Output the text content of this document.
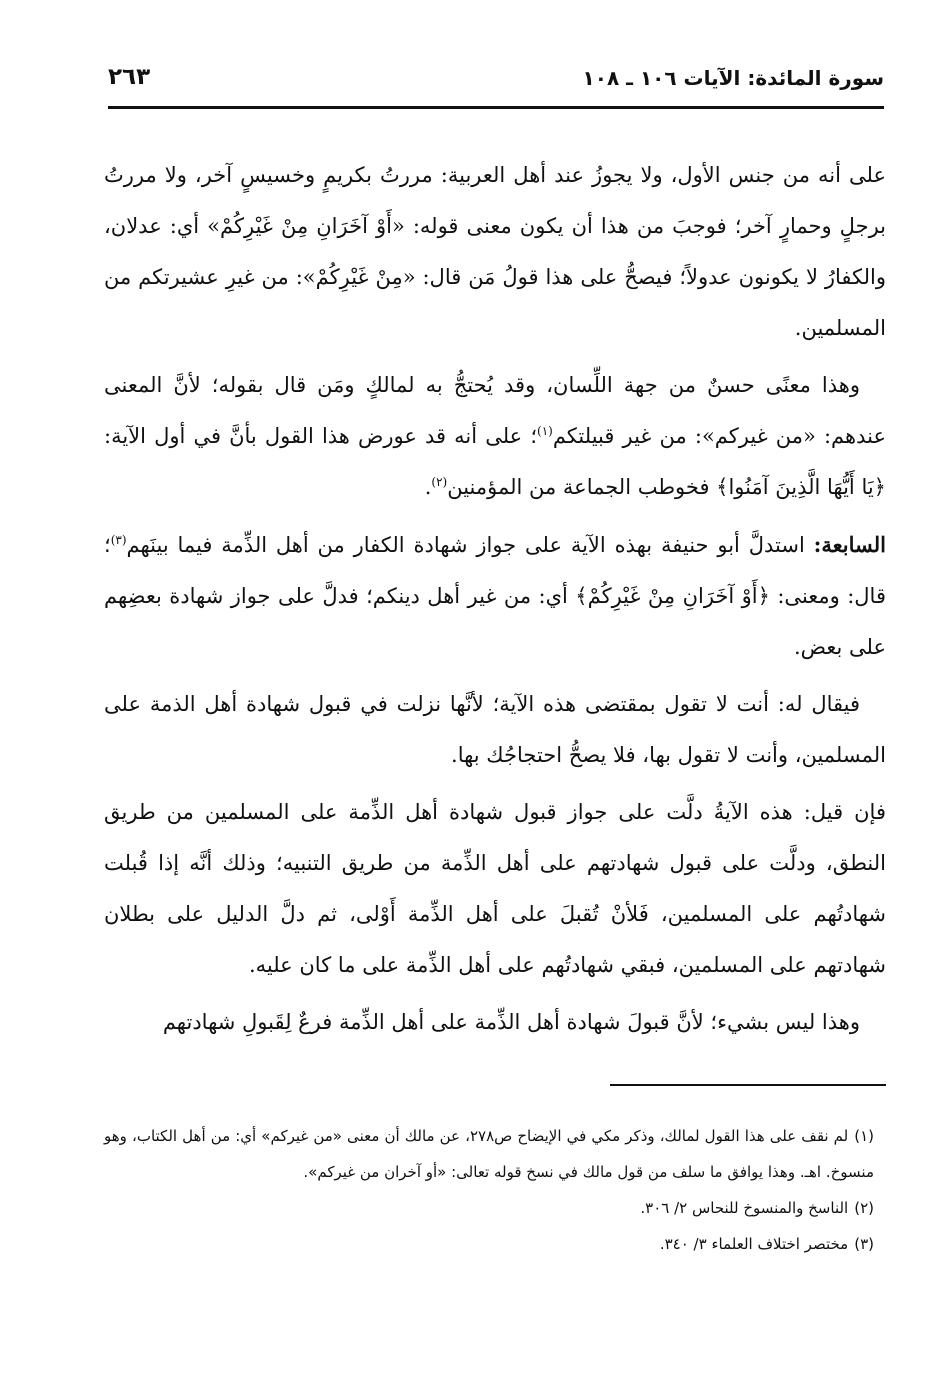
سورة المائدة: الآيات ١٠٦ ـ ١٠٨
٢٦٣

على أنه من جنس الأول، ولا يجوزُ عند أهل العربية: مررتُ بكريمٍ وخسيسٍ آخر، ولا مررتُ برجلٍ وحمارٍ آخر؛ فوجبَ من هذا أن يكون معنى قوله: «أَوْ آخَرَانِ مِنْ غَيْرِكُمْ» أي: عدلان، والكفارُ لا يكونون عدولاً؛ فيصحُّ على هذا قولُ مَن قال: «مِنْ غَيْرِكُمْ»: من غيرِ عشيرتكم من المسلمين.

وهذا معنًى حسنٌ من جهة اللِّسان، وقد يُحتجُّ به لمالكٍ ومَن قال بقوله؛ لأنَّ المعنى عندهم: «من غيركم»: من غير قبيلتكم$^{(١)}$؛ على أنه قد عورض هذا القول بأنَّ في أول الآية: ﴿يَا أَيُّهَا الَّذِينَ آمَنُوا﴾ فخوطب الجماعة من المؤمنين$^{(٢)}$.

السابعة: استدلَّ أبو حنيفة بهذه الآية على جواز شهادة الكفار من أهل الذِّمة فيما بينَهم$^{(٣)}$؛ قال: ومعنى: ﴿أَوْ آخَرَانِ مِنْ غَيْرِكُمْ﴾ أي: من غير أهل دينكم؛ فدلَّ على جواز شهادة بعضِهم على بعض.

فيقال له: أنت لا تقول بمقتضى هذه الآية؛ لأنَّها نزلت في قبول شهادة أهل الذمة على المسلمين، وأنت لا تقول بها، فلا يصحُّ احتجاجُك بها.

فإن قيل: هذه الآيةُ دلَّت على جواز قبول شهادة أهل الذِّمة على المسلمين من طريق النطق، ودلَّت على قبول شهادتهم على أهل الذِّمة من طريق التنبيه؛ وذلك أنَّه إذا قُبلت شهادتُهم على المسلمين، فَلأنْ تُقبلَ على أهل الذِّمة أَوْلى، ثم دلَّ الدليل على بطلان شهادتهم على المسلمين، فبقي شهادتُهم على أهل الذِّمة على ما كان عليه.

وهذا ليس بشيء؛ لأنَّ قبولَ شهادة أهل الذِّمة على أهل الذِّمة فرعٌ لِقَبولِ شهادتهم

(١)لم نقف على هذا القول لمالك، وذكر مكي في الإيضاح ص٢٧٨، عن مالك أن معنى «من غيركم» أي: من أهل الكتاب، وهو منسوخ. اهـ. وهذا يوافق ما سلف من قول مالك في نسخ قوله تعالى: «أو آخران من غيركم».

(٢)الناسخ والمنسوخ للنحاس ٢/ ٣٠٦.

(٣)مختصر اختلاف العلماء ٣/ ٣٤٠.
